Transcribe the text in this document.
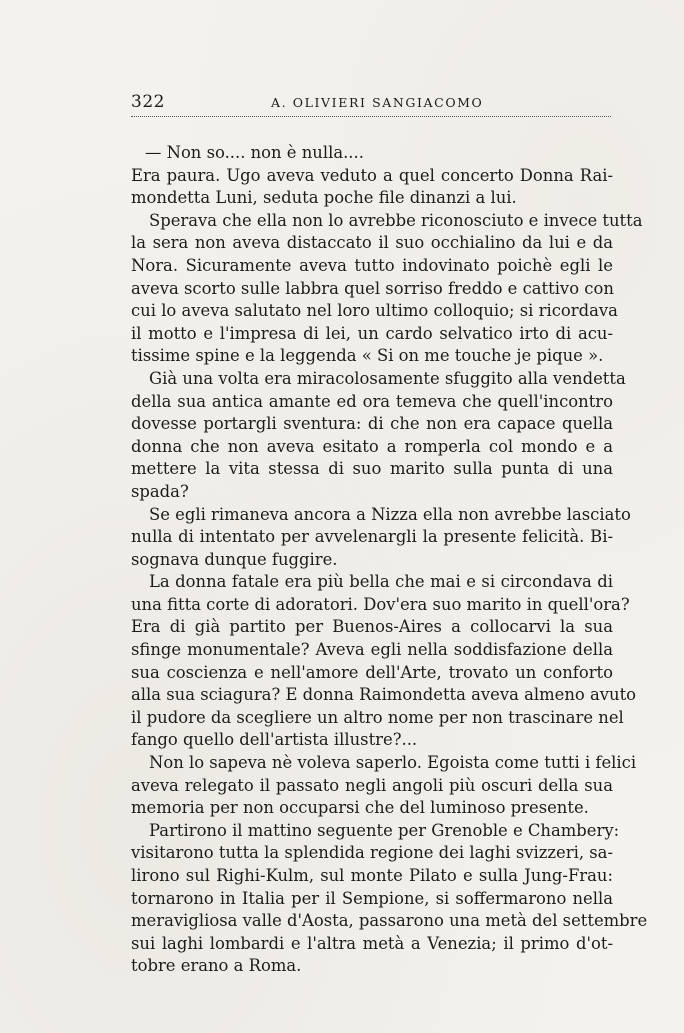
322	A. OLIVIERI SANGIACOMO
— Non so.... non è nulla....
Era paura. Ugo aveva veduto a quel concerto Donna Rai-
mondetta Luni, seduta poche file dinanzi a lui.
Sperava che ella non lo avrebbe riconosciuto e invece tutta
la sera non aveva distaccato il suo occhialino da lui e da
Nora. Sicuramente aveva tutto indovinato poichè egli le
aveva scorto sulle labbra quel sorriso freddo e cattivo con
cui lo aveva salutato nel loro ultimo colloquio; si ricordava
il motto e l'impresa di lei, un cardo selvatico irto di acu-
tissime spine e la leggenda « Si on me touche je pique ».
Già una volta era miracolosamente sfuggito alla vendetta
della sua antica amante ed ora temeva che quell'incontro
dovesse portargli sventura: di che non era capace quella
donna che non aveva esitato a romperla col mondo e a
mettere la vita stessa di suo marito sulla punta di una
spada?
Se egli rimaneva ancora a Nizza ella non avrebbe lasciato
nulla di intentato per avvelenargli la presente felicità. Bi-
sognava dunque fuggire.
La donna fatale era più bella che mai e si circondava di
una fitta corte di adoratori. Dov'era suo marito in quell'ora?
Era di già partito per Buenos-Aires a collocarvi la sua
sfinge monumentale? Aveva egli nella soddisfazione della
sua coscienza e nell'amore dell'Arte, trovato un conforto
alla sua sciagura? E donna Raimondetta aveva almeno avuto
il pudore da scegliere un altro nome per non trascinare nel
fango quello dell'artista illustre?...
Non lo sapeva nè voleva saperlo. Egoista come tutti i felici
aveva relegato il passato negli angoli più oscuri della sua
memoria per non occuparsi che del luminoso presente.
Partirono il mattino seguente per Grenoble e Chambery:
visitarono tutta la splendida regione dei laghi svizzeri, sa-
lirono sul Righi-Kulm, sul monte Pilato e sulla Jung-Frau:
tornarono in Italia per il Sempione, si soffermarono nella
meravigliosa valle d'Aosta, passarono una metà del settembre
sui laghi lombardi e l'altra metà a Venezia; il primo d'ot-
tobre erano a Roma.
